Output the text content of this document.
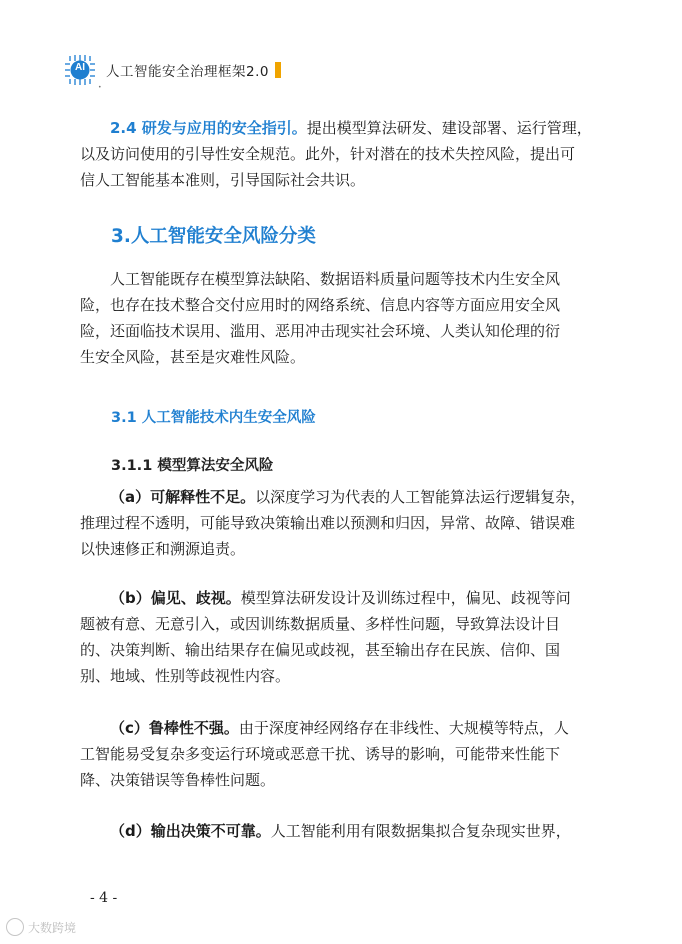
AI	人工智能安全治理框架2.0
•
2.4 研发与应用的安全指引。提出模型算法研发、建设部署、运行管理，
以及访问使用的引导性安全规范。此外，针对潜在的技术失控风险，提出可
信人工智能基本准则，引导国际社会共识。
3.人工智能安全风险分类
人工智能既存在模型算法缺陷、数据语料质量问题等技术内生安全风
险，也存在技术整合交付应用时的网络系统、信息内容等方面应用安全风
险，还面临技术误用、滥用、恶用冲击现实社会环境、人类认知伦理的衍
生安全风险，甚至是灾难性风险。
3.1 人工智能技术内生安全风险
3.1.1 模型算法安全风险
（a）可解释性不足。以深度学习为代表的人工智能算法运行逻辑复杂，
推理过程不透明，可能导致决策输出难以预测和归因，异常、故障、错误难
以快速修正和溯源追责。
（b）偏见、歧视。模型算法研发设计及训练过程中，偏见、歧视等问
题被有意、无意引入，或因训练数据质量、多样性问题，导致算法设计目
的、决策判断、输出结果存在偏见或歧视，甚至输出存在民族、信仰、国
别、地域、性别等歧视性内容。
（c）鲁棒性不强。由于深度神经网络存在非线性、大规模等特点，人
工智能易受复杂多变运行环境或恶意干扰、诱导的影响，可能带来性能下
降、决策错误等鲁棒性问题。
（d）输出决策不可靠。人工智能利用有限数据集拟合复杂现实世界，
- 4 -
大数跨境
